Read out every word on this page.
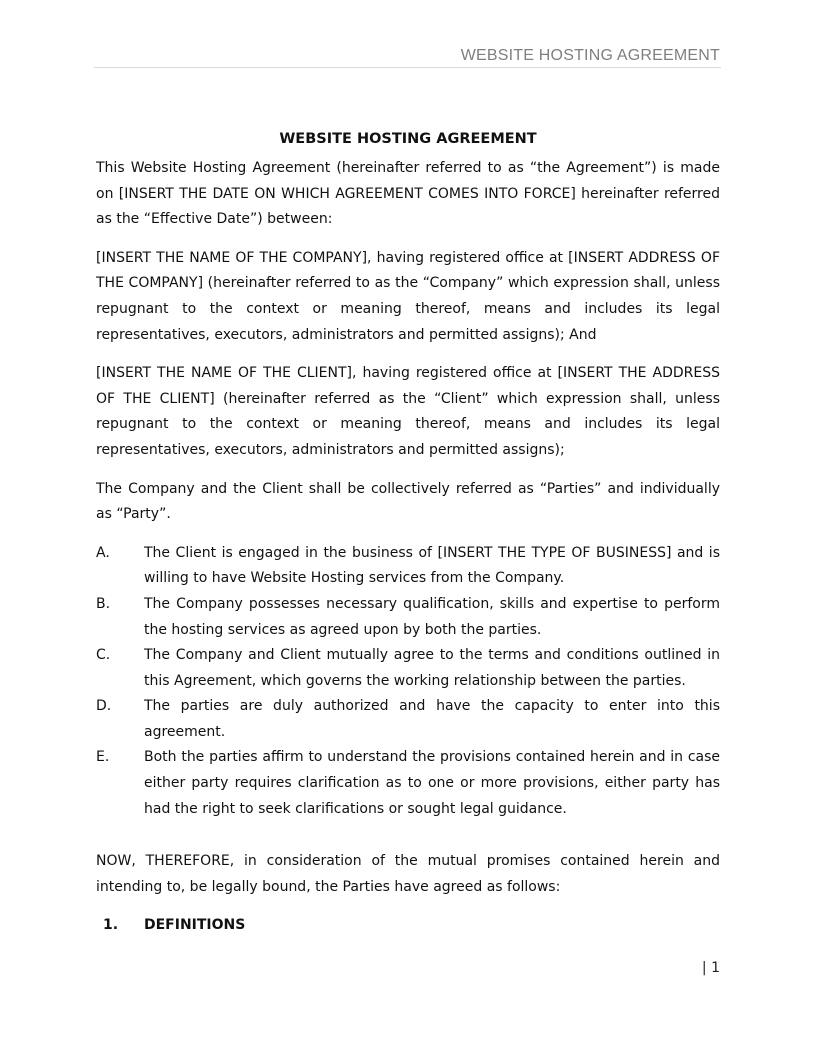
WEBSITE HOSTING AGREEMENT
WEBSITE HOSTING AGREEMENT

This Website Hosting Agreement (hereinafter referred to as “the Agreement”) is made on [INSERT THE DATE ON WHICH AGREEMENT COMES INTO FORCE] hereinafter referred as the “Effective Date”) between:

[INSERT THE NAME OF THE COMPANY], having registered office at [INSERT ADDRESS OF THE COMPANY] (hereinafter referred to as the “Company” which expression shall, unless repugnant to the context or meaning thereof, means and includes its legal representatives, executors, administrators and permitted assigns); And

[INSERT THE NAME OF THE CLIENT], having registered office at [INSERT THE ADDRESS OF THE CLIENT] (hereinafter referred as the “Client” which expression shall, unless repugnant to the context or meaning thereof, means and includes its legal representatives, executors, administrators and permitted assigns);

The Company and the Client shall be collectively referred as “Parties” and individually as “Party”.

A.	The Client is engaged in the business of [INSERT THE TYPE OF BUSINESS] and is willing to have Website Hosting services from the Company.
B.	The Company possesses necessary qualification, skills and expertise to perform the hosting services as agreed upon by both the parties.
C.	The Company and Client mutually agree to the terms and conditions outlined in this Agreement, which governs the working relationship between the parties.
D.	The parties are duly authorized and have the capacity to enter into this agreement.
E.	Both the parties affirm to understand the provisions contained herein and in case either party requires clarification as to one or more provisions, either party has had the right to seek clarifications or sought legal guidance.

NOW, THEREFORE, in consideration of the mutual promises contained herein and intending to, be legally bound, the Parties have agreed as follows:

1.	DEFINITIONS
| 1
